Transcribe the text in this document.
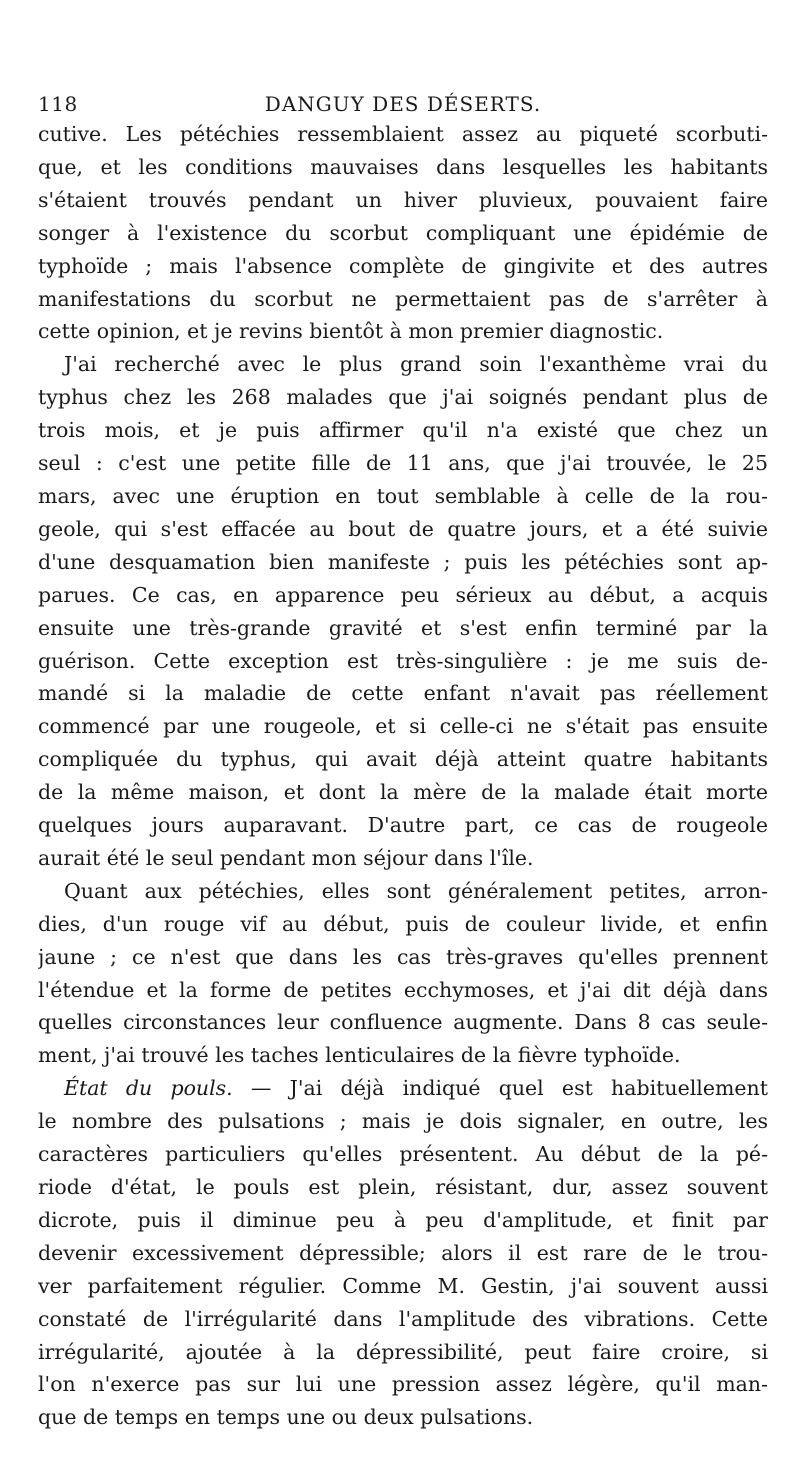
118	DANGUY DES DÉSERTS.
cutive. Les pétéchies ressemblaient assez au piqueté scorbuti-
que, et les conditions mauvaises dans lesquelles les habitants
s'étaient trouvés pendant un hiver pluvieux, pouvaient faire
songer à l'existence du scorbut compliquant une épidémie de
typhoïde ; mais l'absence complète de gingivite et des autres
manifestations du scorbut ne permettaient pas de s'arrêter à
cette opinion, et je revins bientôt à mon premier diagnostic.
J'ai recherché avec le plus grand soin l'exanthème vrai du
typhus chez les 268 malades que j'ai soignés pendant plus de
trois mois, et je puis affirmer qu'il n'a existé que chez un
seul : c'est une petite fille de 11 ans, que j'ai trouvée, le 25
mars, avec une éruption en tout semblable à celle de la rou-
geole, qui s'est effacée au bout de quatre jours, et a été suivie
d'une desquamation bien manifeste ; puis les pétéchies sont ap-
parues. Ce cas, en apparence peu sérieux au début, a acquis
ensuite une très-grande gravité et s'est enfin terminé par la
guérison. Cette exception est très-singulière : je me suis de-
mandé si la maladie de cette enfant n'avait pas réellement
commencé par une rougeole, et si celle-ci ne s'était pas ensuite
compliquée du typhus, qui avait déjà atteint quatre habitants
de la même maison, et dont la mère de la malade était morte
quelques jours auparavant. D'autre part, ce cas de rougeole
aurait été le seul pendant mon séjour dans l'île.
Quant aux pétéchies, elles sont généralement petites, arron-
dies, d'un rouge vif au début, puis de couleur livide, et enfin
jaune ; ce n'est que dans les cas très-graves qu'elles prennent
l'étendue et la forme de petites ecchymoses, et j'ai dit déjà dans
quelles circonstances leur confluence augmente. Dans 8 cas seule-
ment, j'ai trouvé les taches lenticulaires de la fièvre typhoïde.
État du pouls. — J'ai déjà indiqué quel est habituellement
le nombre des pulsations ; mais je dois signaler, en outre, les
caractères particuliers qu'elles présentent. Au début de la pé-
riode d'état, le pouls est plein, résistant, dur, assez souvent
dicrote, puis il diminue peu à peu d'amplitude, et finit par
devenir excessivement dépressible; alors il est rare de le trou-
ver parfaitement régulier. Comme M. Gestin, j'ai souvent aussi
constaté de l'irrégularité dans l'amplitude des vibrations. Cette
irrégularité, ajoutée à la dépressibilité, peut faire croire, si
l'on n'exerce pas sur lui une pression assez légère, qu'il man-
que de temps en temps une ou deux pulsations.
